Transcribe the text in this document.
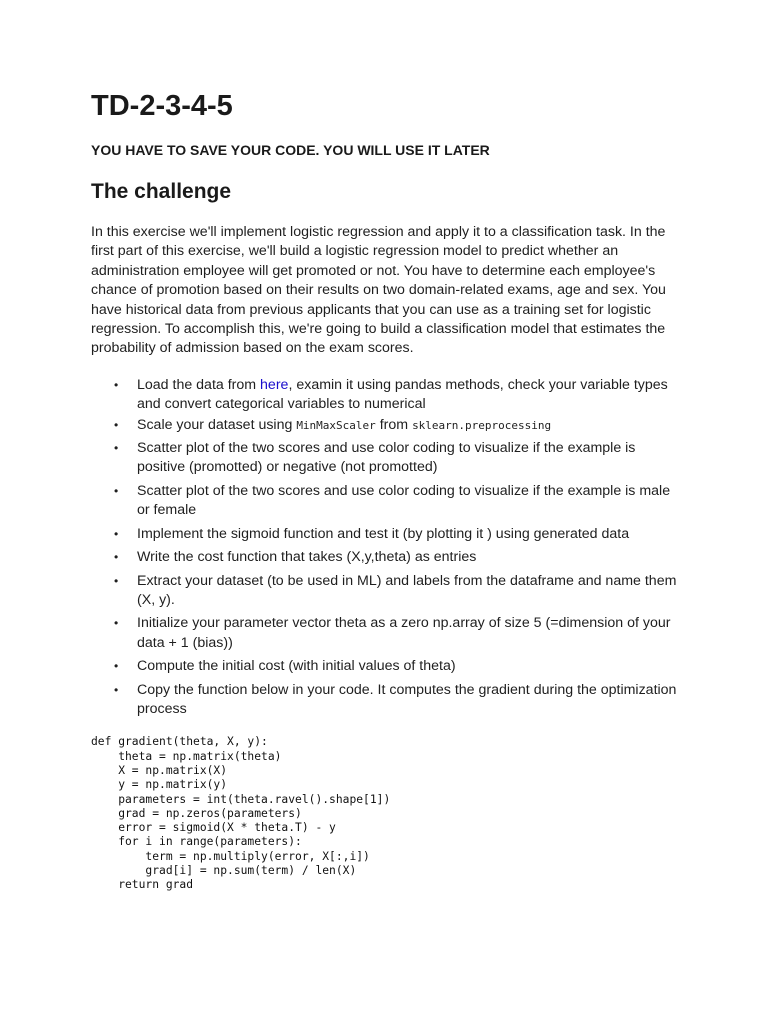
TD-2-3-4-5
YOU HAVE TO SAVE YOUR CODE. YOU WILL USE IT LATER
The challenge

In this exercise we'll implement logistic regression and apply it to a classification task. In the first part of this exercise, we'll build a logistic regression model to predict whether an administration employee will get promoted or not. You have to determine each employee's chance of promotion based on their results on two domain-related exams, age and sex. You have historical data from previous applicants that you can use as a training set for logistic regression. To accomplish this, we're going to build a classification model that estimates the probability of admission based on the exam scores.

• Load the data from here, examin it using pandas methods, check your variable types and convert categorical variables to numerical
• Scale your dataset using MinMaxScaler from sklearn.preprocessing
• Scatter plot of the two scores and use color coding to visualize if the example is positive (promotted) or negative (not promotted)
• Scatter plot of the two scores and use color coding to visualize if the example is male or female
• Implement the sigmoid function and test it (by plotting it ) using generated data
• Write the cost function that takes (X,y,theta) as entries
• Extract your dataset (to be used in ML) and labels from the dataframe and name them (X, y).
• Initialize your parameter vector theta as a zero np.array of size 5 (=dimension of your data + 1 (bias))
• Compute the initial cost (with initial values of theta)
• Copy the function below in your code. It computes the gradient during the optimization process
def gradient(theta, X, y):
theta = np.matrix(theta)
X = np.matrix(X)
y = np.matrix(y)
parameters = int(theta.ravel().shape[1])
grad = np.zeros(parameters)
error = sigmoid(X * theta.T) - y
for i in range(parameters):
term = np.multiply(error, X[:,i])
grad[i] = np.sum(term) / len(X)
return grad
